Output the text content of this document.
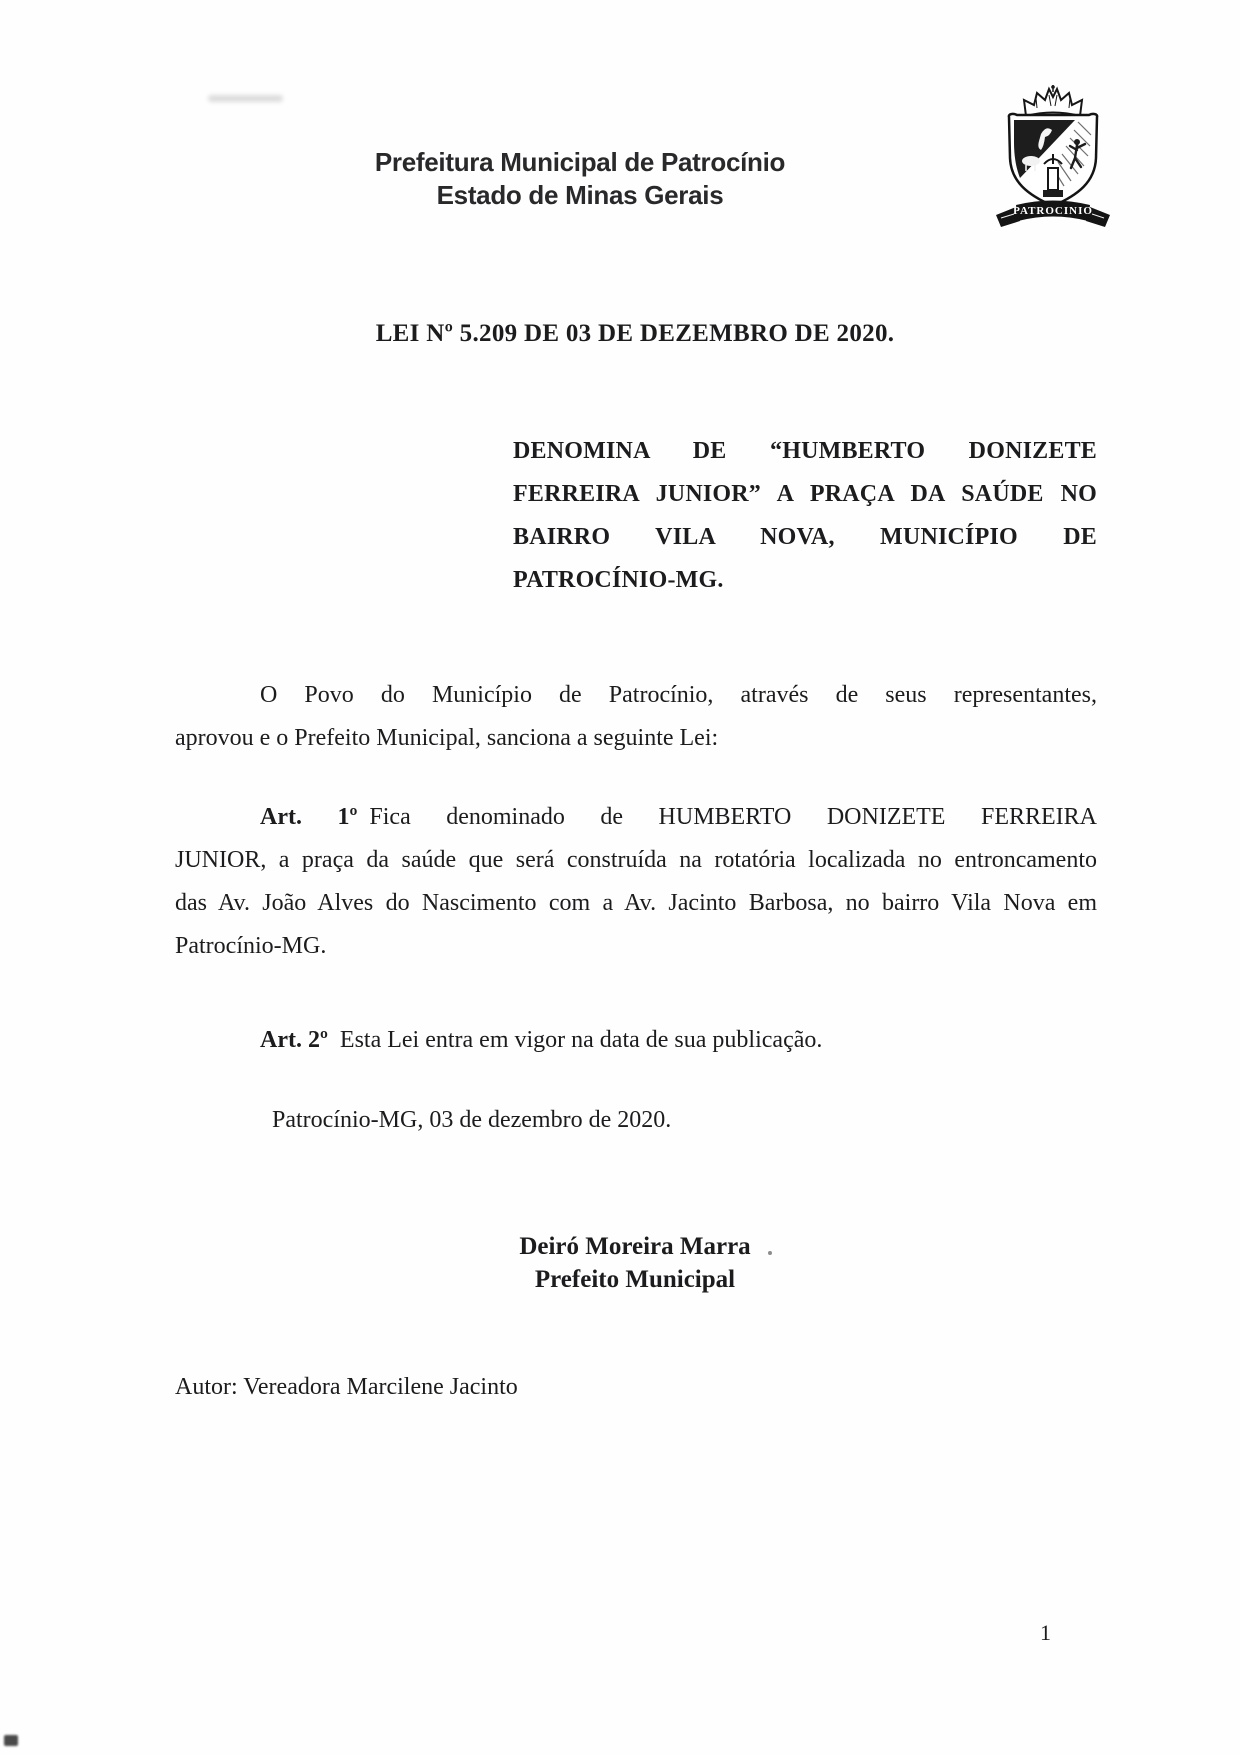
Prefeitura Municipal de Patrocínio
Estado de Minas Gerais
PATROCINIO
LEI Nº 5.209 DE 03 DE DEZEMBRO DE 2020.
DENOMINA DE “HUMBERTO DONIZETE
FERREIRA JUNIOR” A PRAÇA DA SAÚDE NO
BAIRRO VILA NOVA, MUNICÍPIO DE
PATROCÍNIO-MG.
O Povo do Município de Patrocínio, através de seus representantes,
aprovou e o Prefeito Municipal, sanciona a seguinte Lei:
Art. 1º Fica denominado de HUMBERTO DONIZETE FERREIRA
JUNIOR, a praça da saúde que será construída na rotatória localizada no entroncamento
das Av. João Alves do Nascimento com a Av. Jacinto Barbosa, no bairro Vila Nova em
Patrocínio-MG.
Art. 2º Esta Lei entra em vigor na data de sua publicação.
Patrocínio-MG, 03 de dezembro de 2020.
Deiró Moreira Marra
Prefeito Municipal
Autor: Vereadora Marcilene Jacinto
1
